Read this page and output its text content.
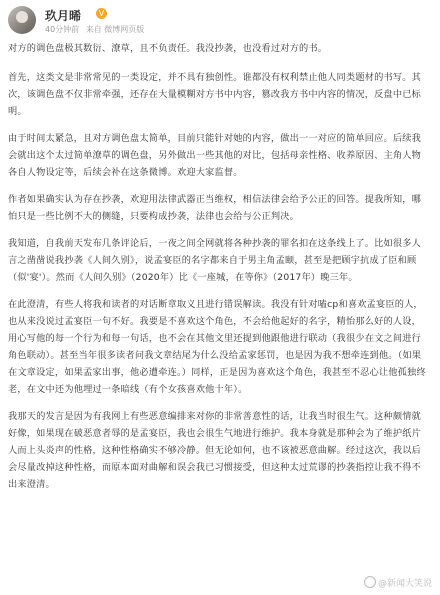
玖月晞	V
40分钟前 来自 微博网页版

对方的调色盘极其数衍、潦草，且不负责任。我没抄袭，也没看过对方的书。

首先，这类文是非常常见的一类设定，并不具有独创性。谁都没有权利禁止他人同类题材的书写。其次，该调色盘不仅非常牵强，还存在大量模糊对方书中内容，篡改我方书中内容的情况，反盘中已标明。

由于时间太紧急，且对方调色盘太简单，目前只能针对她的内容，做出一一对应的简单回应。后续我会就出这个太过简单潦草的调色盘，另外做出一些其他的对比，包括母亲性格、收养原因、主角人物各自人物设定等，后续会补在这条微博。欢迎大家监督。

作者如果确实认为存在抄袭，欢迎用法律武器正当维权，相信法律会给予公正的回答。提我所知，哪怕只是一些比例不大的侧缝，只要构成抄袭，法律也会给与公正判决。

我知道，自我前天发布几条评论后，一夜之间全网就将各种抄袭的罪名扣在这条线上了。比如很多人言之凿凿说我抄袭《人间久别》，说孟宴臣的名字都来自于男主角孟颐，甚至是把顾宇抗成了臣和顾（似'宴'）。然而《人间久别》（2020年）比《一座城，在等你》（2017年）晚三年。

在此澄清，有些人将我和读者的对话断章取义且进行错误解读。我没有针对嗑cp和喜欢孟宴臣的人，也从来没说过孟宴臣一句不好。我要是不喜欢这个角色，不会给他起好的名字，精怡那么好的人设，用心写他的每一个行为和每一句话，也不会在其他文里还提到他跟他进行联动（我很少在文之间进行角色联动）。甚至当年很多读者问我文章结尾为什么没给孟家惩罚，也是因为我不想牵连到他。（如果在文章设定，如果孟家出事，他必遭牵连。）同样，正是因为喜欢这个角色，我甚至不忍心让他孤独终老，在文中还为他埋过一条暗线（有个女孩喜欢他十年）。

我那天的发言是因为有我网上有些恶意编排来对你的非常善意性的话，让我当时很生气。这种颇情就好像，如果现在破恶意者辱的是孟宴臣，我也会很生气地进行维护。我本身就是那种会为了维护纸片人而上头炎声的性格，这种性格确实不够冷静。但无论如何，也不该被恶意曲解。经过这次，我以后会尽量改掉这种性格，而原本面对曲解和误会我已习惯接受，但这种太过荒谬的抄袭指控让我不得不出来澄清。

@新闻大笑说
